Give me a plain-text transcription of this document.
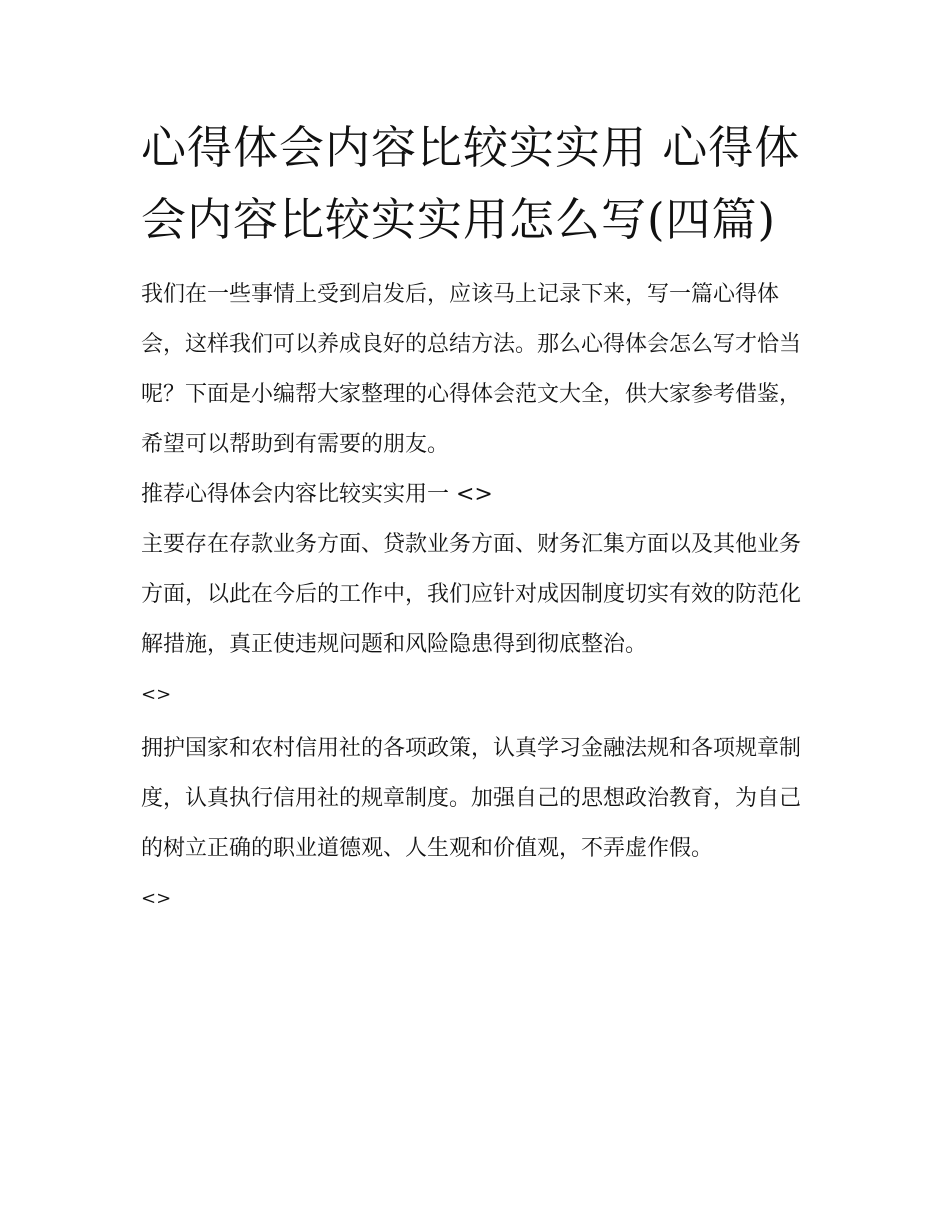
心得体会内容比较实实用 心得体会内容比较实实用怎么写(四篇)

我们在一些事情上受到启发后，应该马上记录下来，写一篇心得体会，这样我们可以养成良好的总结方法。那么心得体会怎么写才恰当呢？下面是小编帮大家整理的心得体会范文大全，供大家参考借鉴，希望可以帮助到有需要的朋友。

推荐心得体会内容比较实实用一 <>

主要存在存款业务方面、贷款业务方面、财务汇集方面以及其他业务方面，以此在今后的工作中，我们应针对成因制度切实有效的防范化解措施，真正使违规问题和风险隐患得到彻底整治。

<>

拥护国家和农村信用社的各项政策，认真学习金融法规和各项规章制度，认真执行信用社的规章制度。加强自己的思想政治教育，为自己的树立正确的职业道德观、人生观和价值观，不弄虚作假。

<>
